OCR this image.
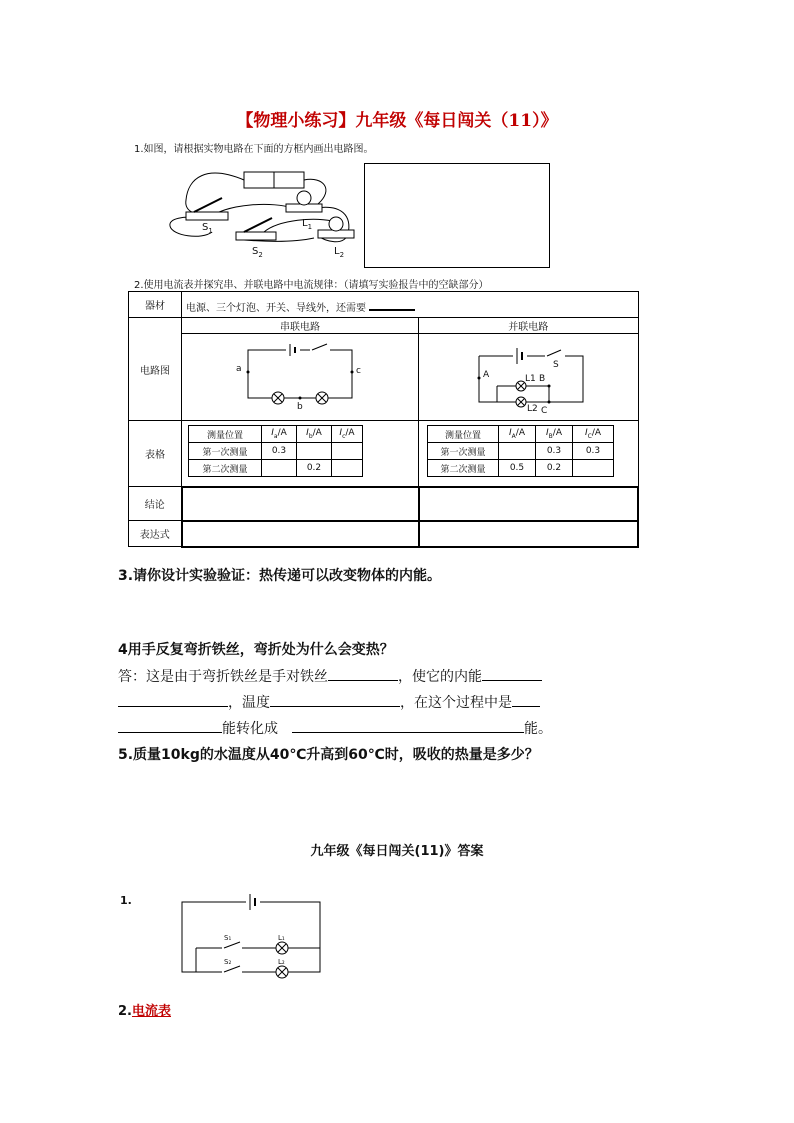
【物理小练习】九年级《每日闯关（11）》
1.如图，请根据实物电路在下面的方框内画出电路图。
$S_1$
$L_1$
$S_2$	$L_2$
2.使用电流表并探究串、并联电路中电流规律：（请填写实验报告中的空缺部分）
器材	电源、三个灯泡、开关、导线外，还需要
电路图	串联电路	并联电路

a	c
b

A
S
L1 B
L2 C

表格	
测量位置	$I_a/A$	$I_b/A$	$I_c/A$
第一次测量	0.3		
第二次测量		0.2	

测量位置	$I_A/A$	$I_B/A$	$I_C/A$
第一次测量		0.3	0.3
第二次测量	0.5	0.2	

结论		
表达式		
3.请你设计实验验证：热传递可以改变物体的内能。
4用手反复弯折铁丝，弯折处为什么会变热？
答：这是由于弯折铁丝是手对铁丝	，使它的内能
，温度	，在这个过程中是
能转化成	能。
5.质量10kg的水温度从40℃升高到60℃时，吸收的热量是多少？
九年级《每日闯关(11)》答案
1.
S₁	L₁
S₂	L₂
2.电流表
